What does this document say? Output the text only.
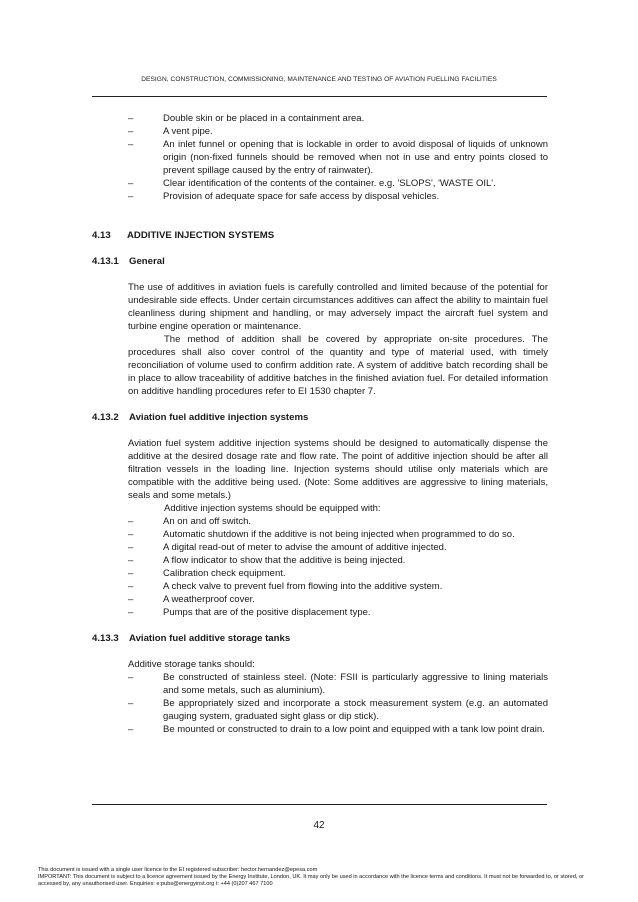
DESIGN, CONSTRUCTION, COMMISSIONING, MAINTENANCE AND TESTING OF AVIATION FUELLING FACILITIES
–	Double skin or be placed in a containment area.
–	A vent pipe.
–	An inlet funnel or opening that is lockable in order to avoid disposal of liquids of unknown origin (non-fixed funnels should be removed when not in use and entry points closed to prevent spillage caused by the entry of rainwater).
–	Clear identification of the contents of the container. e.g. 'SLOPS', 'WASTE OIL'.
–	Provision of adequate space for safe access by disposal vehicles.
4.13 ADDITIVE INJECTION SYSTEMS
4.13.1 General
The use of additives in aviation fuels is carefully controlled and limited because of the potential for undesirable side effects. Under certain circumstances additives can affect the ability to maintain fuel cleanliness during shipment and handling, or may adversely impact the aircraft fuel system and turbine engine operation or maintenance.
The method of addition shall be covered by appropriate on-site procedures. The procedures shall also cover control of the quantity and type of material used, with timely reconciliation of volume used to confirm addition rate. A system of additive batch recording shall be in place to allow traceability of additive batches in the finished aviation fuel. For detailed information on additive handling procedures refer to EI 1530 chapter 7.
4.13.2 Aviation fuel additive injection systems
Aviation fuel system additive injection systems should be designed to automatically dispense the additive at the desired dosage rate and flow rate. The point of additive injection should be after all filtration vessels in the loading line. Injection systems should utilise only materials which are compatible with the additive being used. (Note: Some additives are aggressive to lining materials, seals and some metals.)
Additive injection systems should be equipped with:
–	An on and off switch.
–	Automatic shutdown if the additive is not being injected when programmed to do so.
–	A digital read-out of meter to advise the amount of additive injected.
–	A flow indicator to show that the additive is being injected.
–	Calibration check equipment.
–	A check valve to prevent fuel from flowing into the additive system.
–	A weatherproof cover.
–	Pumps that are of the positive displacement type.
4.13.3 Aviation fuel additive storage tanks
Additive storage tanks should:
–	Be constructed of stainless steel. (Note: FSII is particularly aggressive to lining materials and some metals, such as aluminium).
–	Be appropriately sized and incorporate a stock measurement system (e.g. an automated gauging system, graduated sight glass or dip stick).
–	Be mounted or constructed to drain to a low point and equipped with a tank low point drain.
42
This document is issued with a single user licence to the EI registered subscriber: hector.hernandez@epesa.com
IMPORTANT: This document is subject to a licence agreement issued by the Energy Institute, London, UK. It may only be used in accordance with the licence terms and conditions. It must not be forwarded to, or stored, or accessed by, any unauthorised user. Enquiries: e:pubs@energyinst.org t: +44 (0)207 467 7100
